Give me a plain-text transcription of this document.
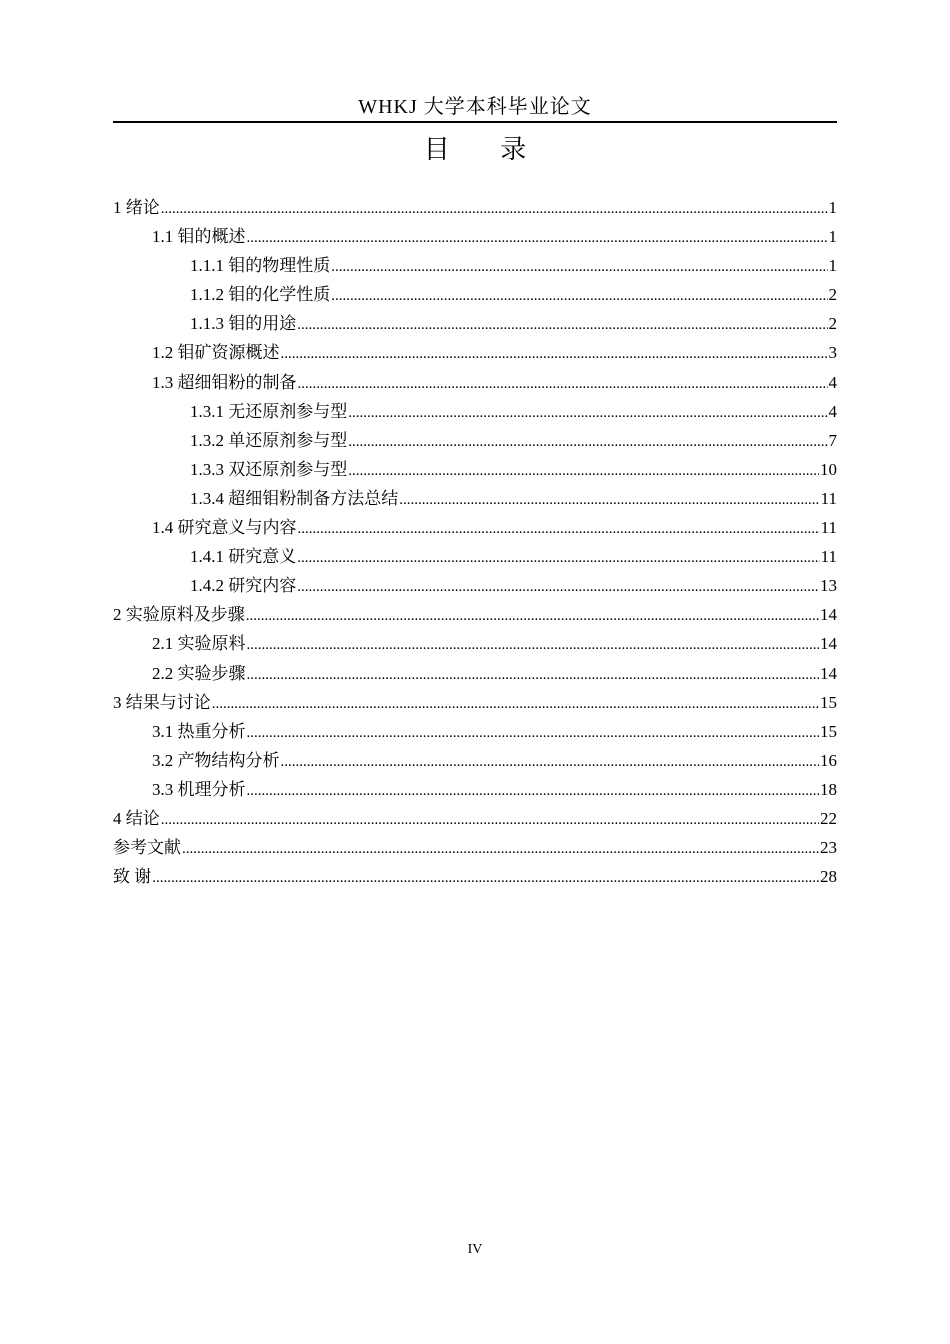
WHKJ 大学本科毕业论文
目 录
1 绪论 .....	1
1.1 钼的概述 .....	1
1.1.1 钼的物理性质 .....	1
1.1.2 钼的化学性质 .....	2
1.1.3 钼的用途 .....	2
1.2 钼矿资源概述 .....	3
1.3 超细钼粉的制备 .....	4
1.3.1 无还原剂参与型 .....	4
1.3.2 单还原剂参与型 .....	7
1.3.3 双还原剂参与型 .....	10
1.3.4 超细钼粉制备方法总结 .....	11
1.4 研究意义与内容 .....	11
1.4.1 研究意义 .....	11
1.4.2 研究内容 .....	13
2 实验原料及步骤 .....	14
2.1 实验原料 .....	14
2.2 实验步骤 .....	14
3 结果与讨论 .....	15
3.1 热重分析 .....	15
3.2 产物结构分析 .....	16
3.3 机理分析 .....	18
4 结论 .....	22
参考文献 .....	23
致 谢 .....	28
IV
